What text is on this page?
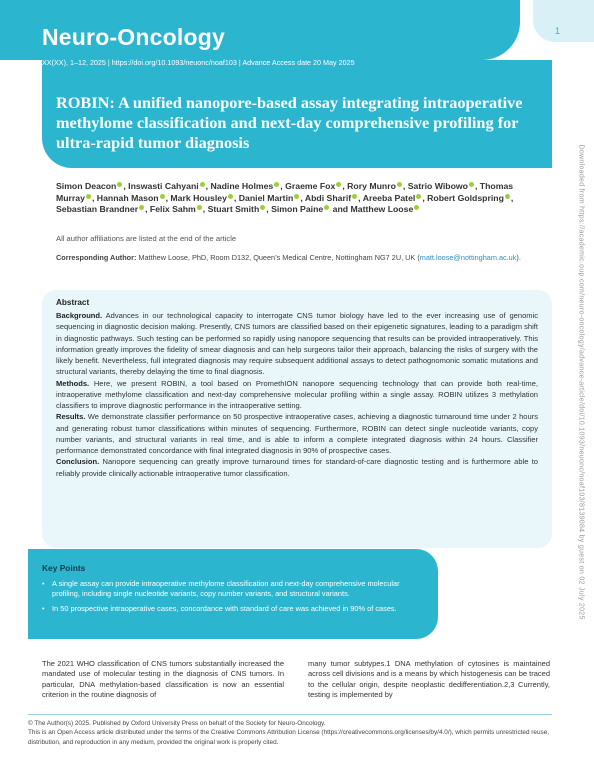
1
Neuro-Oncology
XX(XX), 1–12, 2025 | https://doi.org/10.1093/neuonc/noaf103 | Advance Access date 20 May 2025
ROBIN: A unified nanopore-based assay integrating intraoperative methylome classification and next-day comprehensive profiling for ultra-rapid tumor diagnosis
Simon Deacon , Inswasti Cahyani , Nadine Holmes , Graeme Fox , Rory Munro , Satrio Wibowo , Thomas Murray , Hannah Mason , Mark Housley , Daniel Martin , Abdi Sharif , Areeba Patel , Robert Goldspring , Sebastian Brandner , Felix Sahm , Stuart Smith , Simon Paine and Matthew Loose
All author affiliations are listed at the end of the article
Corresponding Author: Matthew Loose, PhD, Room D132, Queen’s Medical Centre, Nottingham NG7 2U, UK (matt.loose@nottingham.ac.uk).
Abstract

Background. Advances in our technological capacity to interrogate CNS tumor biology have led to the ever increasing use of genomic sequencing in diagnostic decision making. Presently, CNS tumors are classified based on their epigenetic signatures, leading to a paradigm shift in diagnostic pathways. Such testing can be performed so rapidly using nanopore sequencing that results can be provided intraoperatively. This information greatly improves the fidelity of smear diagnosis and can help surgeons tailor their approach, balancing the risks of surgery with the likely benefit. Nevertheless, full integrated diagnosis may require subsequent additional assays to detect pathognomonic somatic mutations and structural variants, thereby delaying the time to final diagnosis.

Methods. Here, we present ROBIN, a tool based on PromethION nanopore sequencing technology that can provide both real-time, intraoperative methylome classification and next-day comprehensive molecular profiling within a single assay. ROBIN utilizes 3 methylation classifiers to improve diagnostic performance in the intraoperative setting.

Results. We demonstrate classifier performance on 50 prospective intraoperative cases, achieving a diagnostic turnaround time under 2 hours and generating robust tumor classifications within minutes of sequencing. Furthermore, ROBIN can detect single nucleotide variants, copy number variants, and structural variants in real time, and is able to inform a complete integrated diagnosis within 24 hours. Classifier performance demonstrated concordance with final integrated diagnosis in 90% of prospective cases.

Conclusion. Nanopore sequencing can greatly improve turnaround times for standard-of-care diagnostic testing and is furthermore able to reliably provide clinically actionable intraoperative tumor classification.

Key Points
• A single assay can provide intraoperative methylome classification and next-day comprehensive molecular profiling, including single nucleotide variants, copy number variants, and structural variants.
• In 50 prospective intraoperative cases, concordance with standard of care was achieved in 90% of cases.
The 2021 WHO classification of CNS tumors substantially increased the mandated use of molecular testing in the diagnosis of CNS tumors. In particular, DNA methylation-based classification is now an essential criterion in the routine diagnosis of
many tumor subtypes.1 DNA methylation of cytosines is maintained across cell divisions and is a means by which histogenesis can be traced to the cellular origin, despite neoplastic dedifferentiation.2,3 Currently, testing is implemented by

© The Author(s) 2025. Published by Oxford University Press on behalf of the Society for Neuro-Oncology.

This is an Open Access article distributed under the terms of the Creative Commons Attribution License (https://creativecommons.org/licenses/by/4.0/), which permits unrestricted reuse, distribution, and reproduction in any medium, provided the original work is properly cited.

Downloaded from https://academic.oup.com/neuro-oncology/advance-article/doi/10.1093/neuonc/noaf103/8139084 by guest on 02 July 2025
